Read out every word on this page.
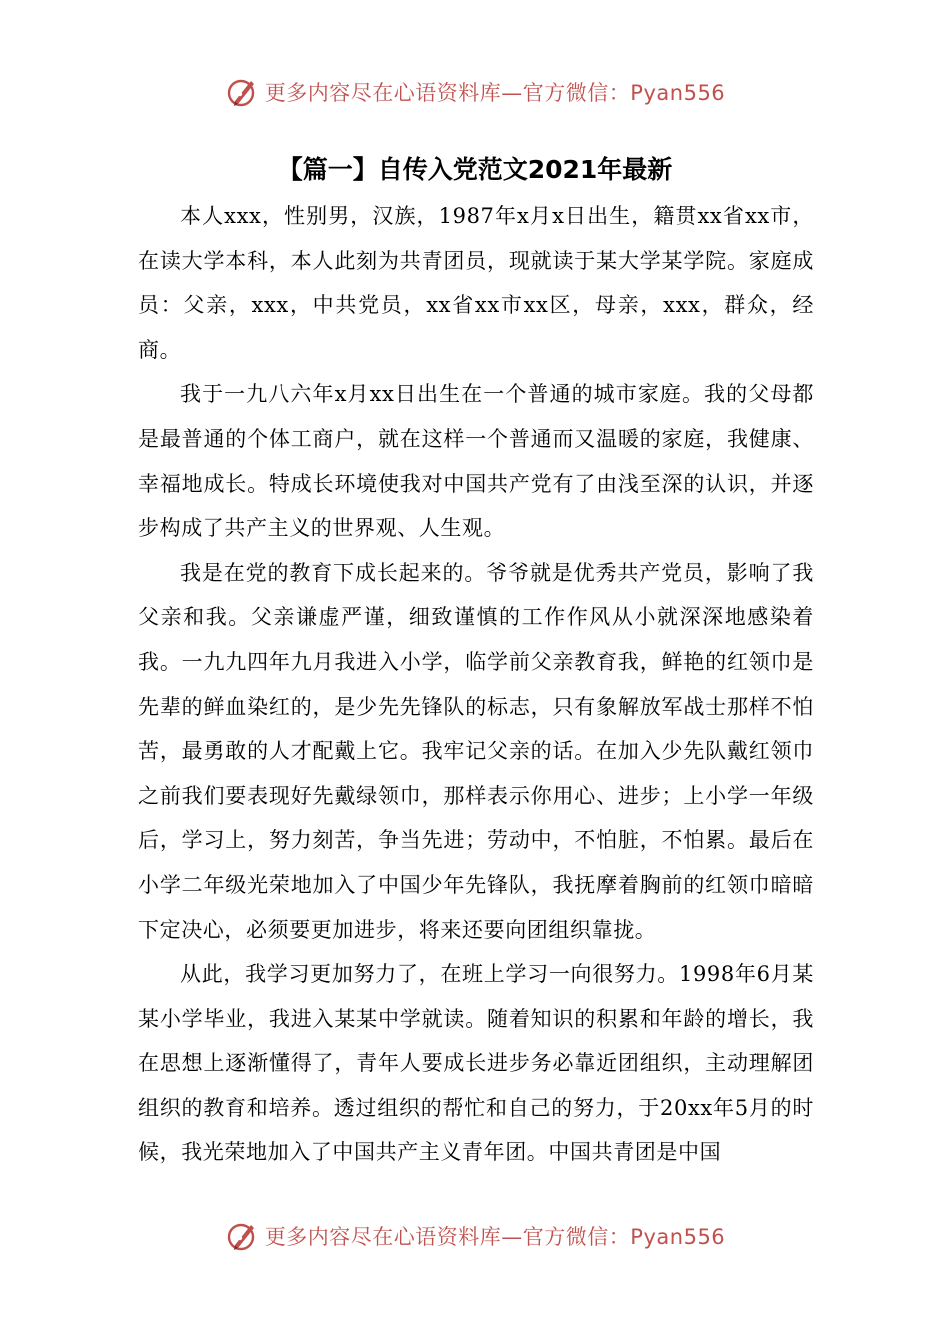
更多内容尽在心语资料库—官方微信：Pyan556
【篇一】自传入党范文2021年最新

本人xxx，性别男，汉族，1987年x月x日出生，籍贯xx省xx市，在读大学本科，本人此刻为共青团员，现就读于某大学某学院。家庭成员：父亲，xxx，中共党员，xx省xx市xx区，母亲，xxx，群众，经商。

我于一九八六年x月xx日出生在一个普通的城市家庭。我的父母都是最普通的个体工商户，就在这样一个普通而又温暖的家庭，我健康、幸福地成长。特成长环境使我对中国共产党有了由浅至深的认识，并逐步构成了共产主义的世界观、人生观。

我是在党的教育下成长起来的。爷爷就是优秀共产党员，影响了我父亲和我。父亲谦虚严谨，细致谨慎的工作作风从小就深深地感染着我。一九九四年九月我进入小学，临学前父亲教育我，鲜艳的红领巾是先辈的鲜血染红的，是少先先锋队的标志，只有象解放军战士那样不怕苦，最勇敢的人才配戴上它。我牢记父亲的话。在加入少先队戴红领巾之前我们要表现好先戴绿领巾，那样表示你用心、进步；上小学一年级后，学习上，努力刻苦，争当先进；劳动中，不怕脏，不怕累。最后在小学二年级光荣地加入了中国少年先锋队，我抚摩着胸前的红领巾暗暗下定决心，必须要更加进步，将来还要向团组织靠拢。

从此，我学习更加努力了，在班上学习一向很努力。1998年6月某某小学毕业，我进入某某中学就读。随着知识的积累和年龄的增长，我在思想上逐渐懂得了，青年人要成长进步务必靠近团组织，主动理解团组织的教育和培养。透过组织的帮忙和自己的努力，于20xx年5月的时候，我光荣地加入了中国共产主义青年团。中国共青团是中国

更多内容尽在心语资料库—官方微信：Pyan556
